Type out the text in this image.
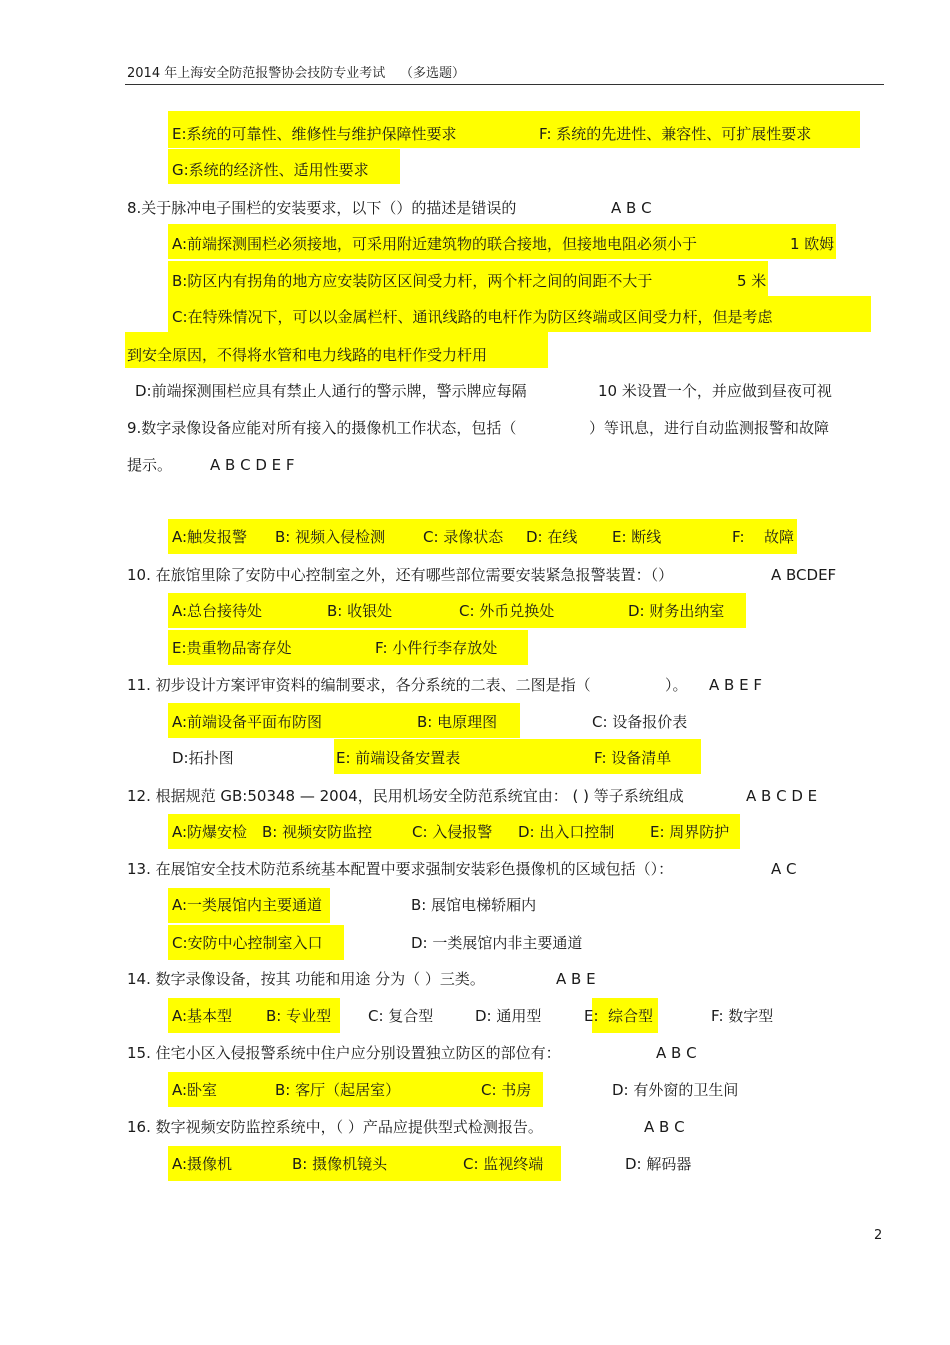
2014 年上海安全防范报警协会技防专业考试 （多选题）
E:系统的可靠性、维修性与维护保障性要求	F: 系统的先进性、兼容性、可扩展性要求
G:系统的经济性、适用性要求
8.关于脉冲电子围栏的安装要求，以下（）的描述是错误的	A B C
A:前端探测围栏必须接地，可采用附近建筑物的联合接地，但接地电阻必须小于	1 欧姆
B:防区内有拐角的地方应安装防区区间受力杆，两个杆之间的间距不大于	5 米
C:在特殊情况下，可以以金属栏杆、通讯线路的电杆作为防区终端或区间受力杆，但是考虑
到安全原因，不得将水管和电力线路的电杆作受力杆用
D:前端探测围栏应具有禁止人通行的警示牌，警示牌应每隔	10 米设置一个，并应做到昼夜可视
9.数字录像设备应能对所有接入的摄像机工作状态，包括（	）等讯息，进行自动监测报警和故障
提示。	A B C D E F
A:触发报警 B: 视频入侵检测	C: 录像状态 D: 在线 E: 断线	F: 故障
10. 在旅馆里除了安防中心控制室之外，还有哪些部位需要安装紧急报警装置：（）	A BCDEF
A:总台接待处	B: 收银处	C: 外币兑换处	D: 财务出纳室
E:贵重物品寄存处	F: 小件行李存放处
11. 初步设计方案评审资料的编制要求，各分系统的二表、二图是指（	）。 A B E F
A:前端设备平面布防图	B: 电原理图	C: 设备报价表
D:拓扑图	E: 前端设备安置表	F: 设备清单
12. 根据规范 GB:50348 — 2004，民用机场安全防范系统宜由： ( ) 等子系统组成	A B C D E
A:防爆安检 B: 视频安防监控	C: 入侵报警 D: 出入口控制 E: 周界防护
13. 在展馆安全技术防范系统基本配置中要求强制安装彩色摄像机的区域包括（）：	A C
A:一类展馆内主要通道	B: 展馆电梯轿厢内
C:安防中心控制室入口	D: 一类展馆内非主要通道
14. 数字录像设备，按其 功能和用途 分为（ ）三类。	A B E
A:基本型 B: 专业型 C: 复合型	D: 通用型	E: 综合型	F: 数字型
15. 住宅小区入侵报警系统中住户应分别设置独立防区的部位有：	A B C
A:卧室	B: 客厅（起居室）	C: 书房	D: 有外窗的卫生间
16. 数字视频安防监控系统中，（ ）产品应提供型式检测报告。	A B C
A:摄像机	B: 摄像机镜头	C: 监视终端	D: 解码器
2
